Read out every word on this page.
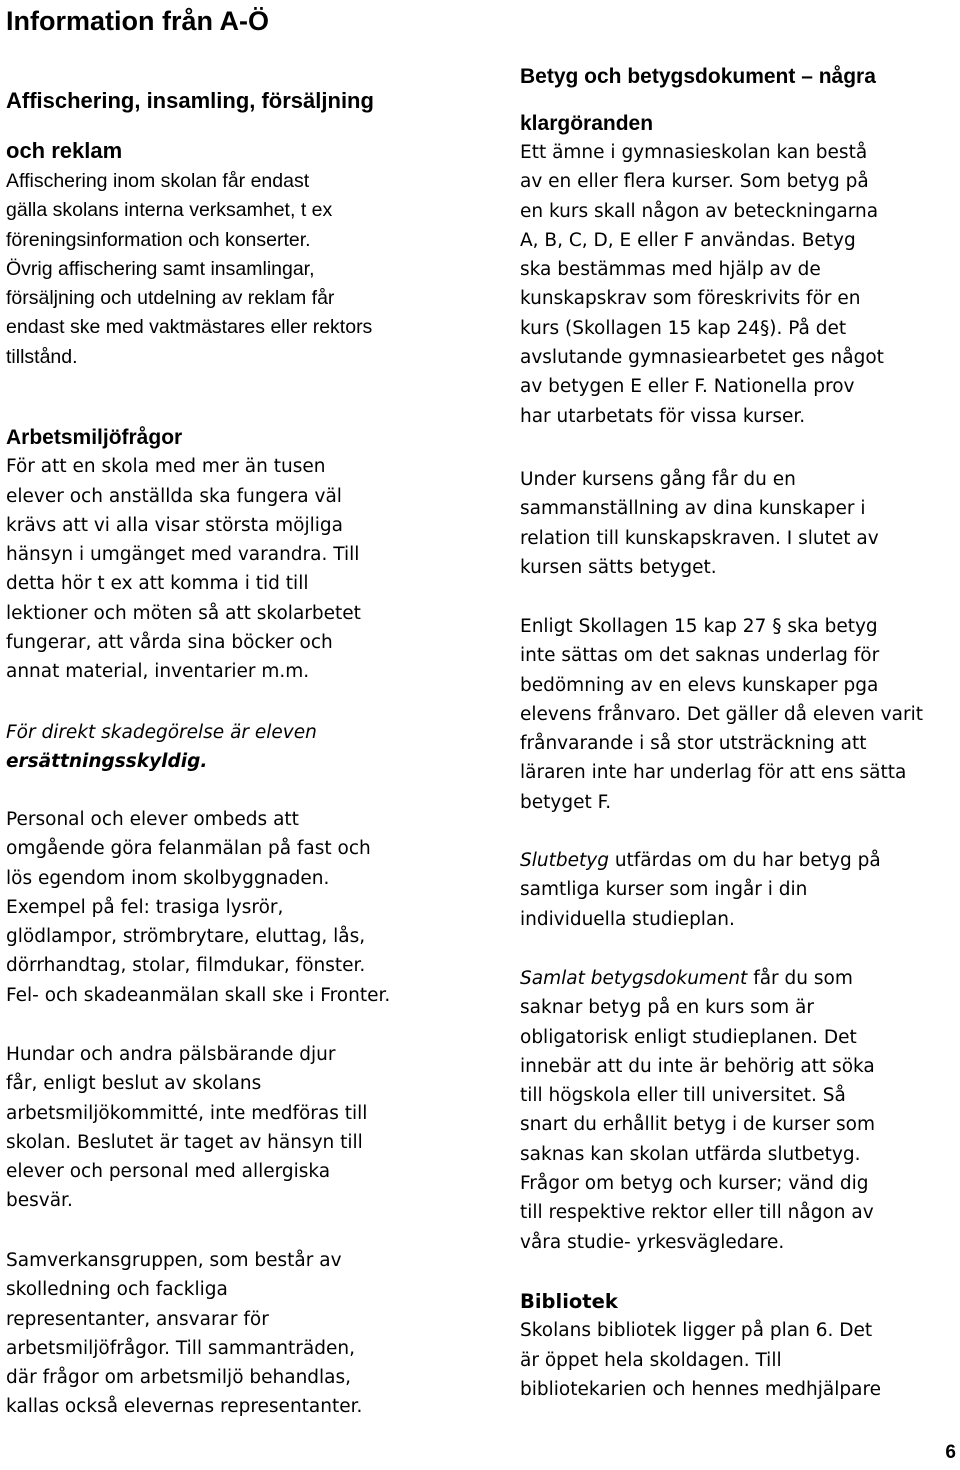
Information från A-Ö
Affischering, insamling, försäljning
och reklam
Affischering inom skolan får endast
gälla skolans interna verksamhet, t ex
föreningsinformation och konserter.
Övrig affischering samt insamlingar,
försäljning och utdelning av reklam får
endast ske med vaktmästares eller rektors
tillstånd.
Arbetsmiljöfrågor
För att en skola med mer än tusen
elever och anställda ska fungera väl
krävs att vi alla visar största möjliga
hänsyn i umgänget med varandra. Till
detta hör t ex att komma i tid till
lektioner och möten så att skolarbetet
fungerar, att vårda sina böcker och
annat material, inventarier m.m.
För direkt skadegörelse är eleven
ersättningsskyldig.
Personal och elever ombeds att
omgående göra felanmälan på fast och
lös egendom inom skolbyggnaden.
Exempel på fel: trasiga lysrör,
glödlampor, strömbrytare, eluttag, lås,
dörrhandtag, stolar, filmdukar, fönster.
Fel- och skadeanmälan skall ske i Fronter.
Hundar och andra pälsbärande djur
får, enligt beslut av skolans
arbetsmiljökommitté, inte medföras till
skolan. Beslutet är taget av hänsyn till
elever och personal med allergiska
besvär.
Samverkansgruppen, som består av
skolledning och fackliga
representanter, ansvarar för
arbetsmiljöfrågor. Till sammanträden,
där frågor om arbetsmiljö behandlas,
kallas också elevernas representanter.
Betyg och betygsdokument – några
klargöranden
Ett ämne i gymnasieskolan kan bestå
av en eller flera kurser. Som betyg på
en kurs skall någon av beteckningarna
A, B, C, D, E eller F användas. Betyg
ska bestämmas med hjälp av de
kunskapskrav som föreskrivits för en
kurs (Skollagen 15 kap 24§). På det
avslutande gymnasiearbetet ges något
av betygen E eller F. Nationella prov
har utarbetats för vissa kurser.
Under kursens gång får du en
sammanställning av dina kunskaper i
relation till kunskapskraven. I slutet av
kursen sätts betyget.
Enligt Skollagen 15 kap 27 § ska betyg
inte sättas om det saknas underlag för
bedömning av en elevs kunskaper pga
elevens frånvaro. Det gäller då eleven varit
frånvarande i så stor utsträckning att
läraren inte har underlag för att ens sätta
betyget F.
Slutbetyg utfärdas om du har betyg på
samtliga kurser som ingår i din
individuella studieplan.
Samlat betygsdokument får du som
saknar betyg på en kurs som är
obligatorisk enligt studieplanen. Det
innebär att du inte är behörig att söka
till högskola eller till universitet. Så
snart du erhållit betyg i de kurser som
saknas kan skolan utfärda slutbetyg.
Frågor om betyg och kurser; vänd dig
till respektive rektor eller till någon av
våra studie- yrkesvägledare.
Bibliotek
Skolans bibliotek ligger på plan 6. Det
är öppet hela skoldagen. Till
bibliotekarien och hennes medhjälpare
6
